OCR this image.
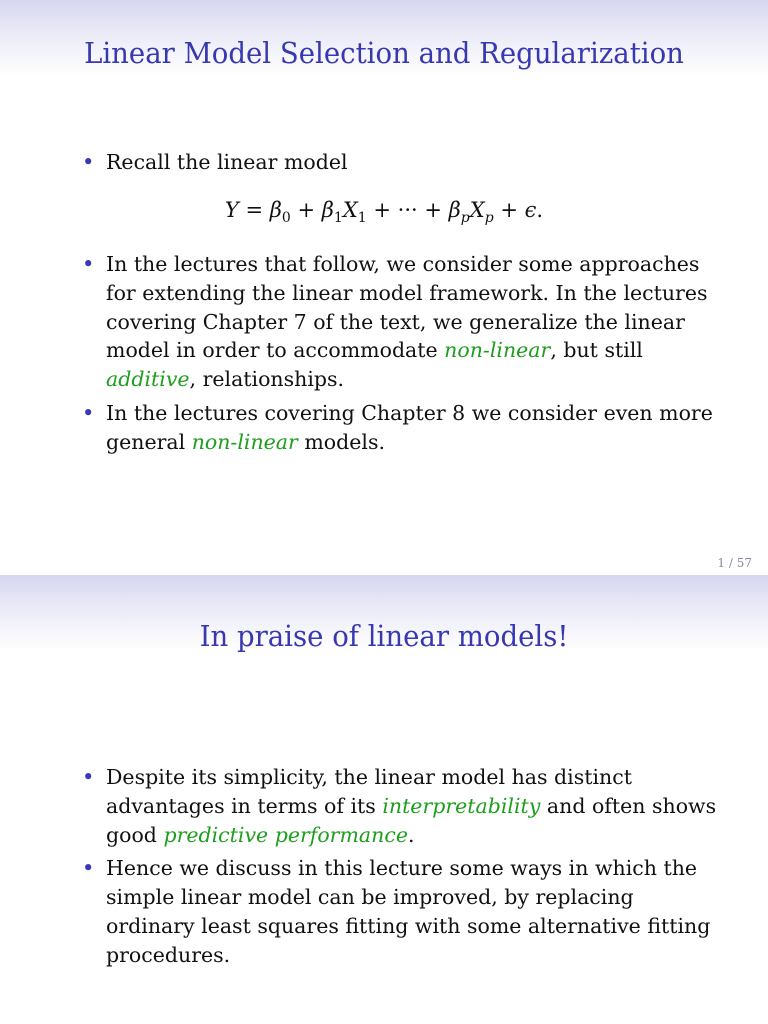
Linear Model Selection and Regularization
• Recall the linear model
$Y = \beta_0 + \beta_1X_1$ + ··· + $\beta_pX_p + \epsilon$.
• In the lectures that follow, we consider some approaches for extending the linear model framework. In the lectures covering Chapter 7 of the text, we generalize the linear model in order to accommodate non-linear, but still additive, relationships.
• In the lectures covering Chapter 8 we consider even more general non-linear models.
1 / 57
In praise of linear models!
• Despite its simplicity, the linear model has distinct advantages in terms of its interpretability and often shows good predictive performance.
• Hence we discuss in this lecture some ways in which the simple linear model can be improved, by replacing ordinary least squares fitting with some alternative fitting procedures.
